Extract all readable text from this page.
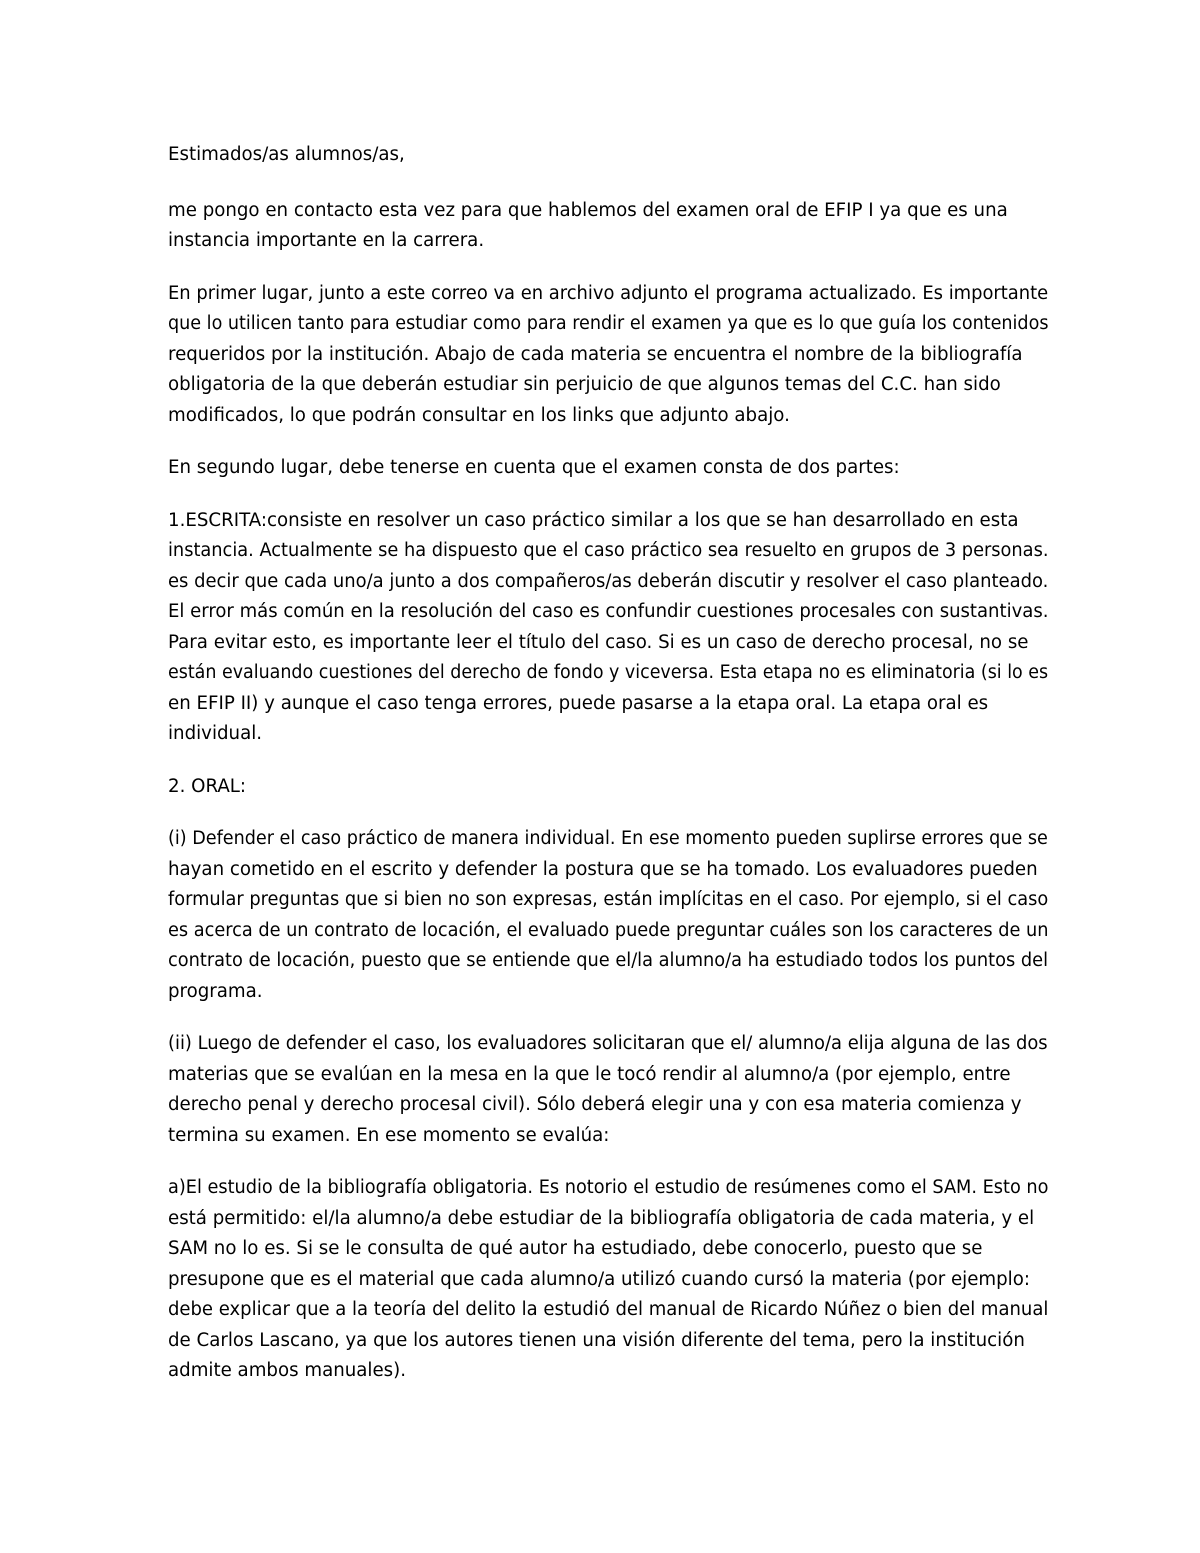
Estimados/as alumnos/as,

me pongo en contacto esta vez para que hablemos del examen oral de EFIP I ya que es una
instancia importante en la carrera.

En primer lugar, junto a este correo va en archivo adjunto el programa actualizado. Es importante
que lo utilicen tanto para estudiar como para rendir el examen ya que es lo que guía los contenidos
requeridos por la institución. Abajo de cada materia se encuentra el nombre de la bibliografía
obligatoria de la que deberán estudiar sin perjuicio de que algunos temas del C.C. han sido
modificados, lo que podrán consultar en los links que adjunto abajo.

En segundo lugar, debe tenerse en cuenta que el examen consta de dos partes:

1.ESCRITA:consiste en resolver un caso práctico similar a los que se han desarrollado en esta
instancia. Actualmente se ha dispuesto que el caso práctico sea resuelto en grupos de 3 personas.
es decir que cada uno/a junto a dos compañeros/as deberán discutir y resolver el caso planteado.
El error más común en la resolución del caso es confundir cuestiones procesales con sustantivas.
Para evitar esto, es importante leer el título del caso. Si es un caso de derecho procesal, no se
están evaluando cuestiones del derecho de fondo y viceversa. Esta etapa no es eliminatoria (si lo es
en EFIP II) y aunque el caso tenga errores, puede pasarse a la etapa oral. La etapa oral es
individual.

2. ORAL:

(i) Defender el caso práctico de manera individual. En ese momento pueden suplirse errores que se
hayan cometido en el escrito y defender la postura que se ha tomado. Los evaluadores pueden
formular preguntas que si bien no son expresas, están implícitas en el caso. Por ejemplo, si el caso
es acerca de un contrato de locación, el evaluado puede preguntar cuáles son los caracteres de un
contrato de locación, puesto que se entiende que el/la alumno/a ha estudiado todos los puntos del
programa.

(ii) Luego de defender el caso, los evaluadores solicitaran que el/ alumno/a elija alguna de las dos
materias que se evalúan en la mesa en la que le tocó rendir al alumno/a (por ejemplo, entre
derecho penal y derecho procesal civil). Sólo deberá elegir una y con esa materia comienza y
termina su examen. En ese momento se evalúa:

a)El estudio de la bibliografía obligatoria. Es notorio el estudio de resúmenes como el SAM. Esto no
está permitido: el/la alumno/a debe estudiar de la bibliografía obligatoria de cada materia, y el
SAM no lo es. Si se le consulta de qué autor ha estudiado, debe conocerlo, puesto que se
presupone que es el material que cada alumno/a utilizó cuando cursó la materia (por ejemplo:
debe explicar que a la teoría del delito la estudió del manual de Ricardo Núñez o bien del manual
de Carlos Lascano, ya que los autores tienen una visión diferente del tema, pero la institución
admite ambos manuales).
